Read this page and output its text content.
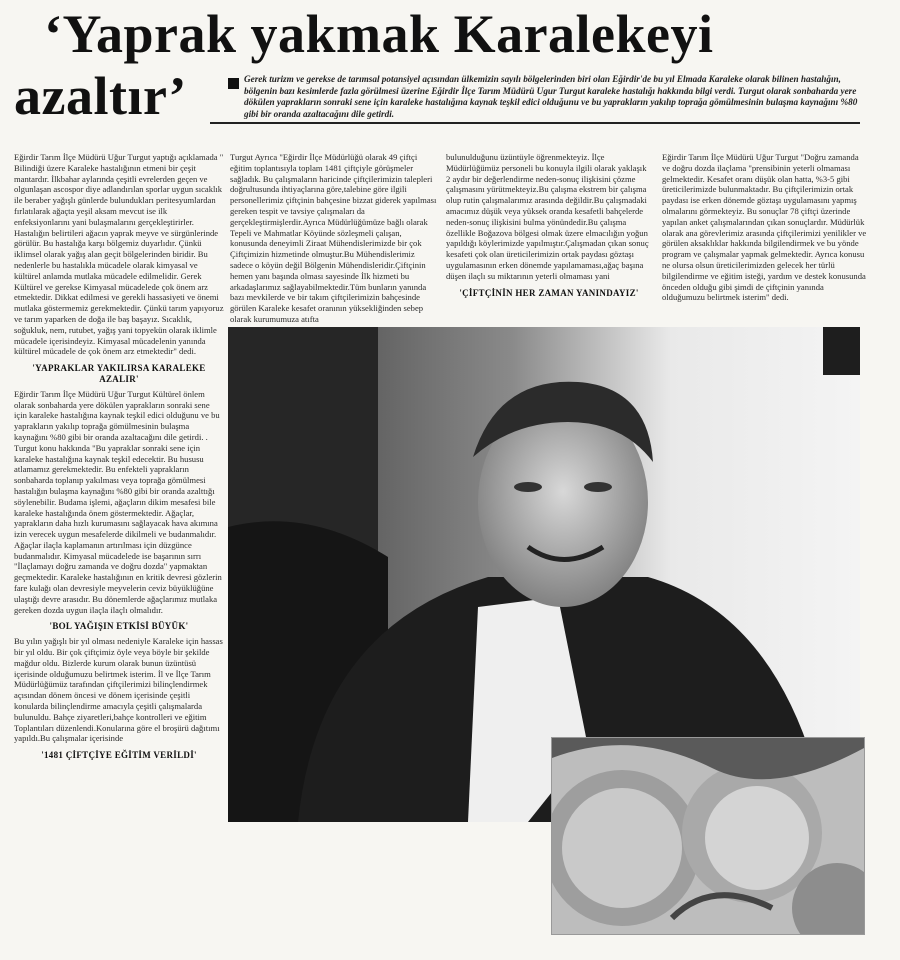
‘Yaprak yakmak Karalekeyi
azaltır’	Gerek turizm ve gerekse de tarımsal potansiyel açısından ülkemizin sayılı bölgelerinden biri olan Eğirdir'de bu yıl Elmada Karaleke olarak bilinen hastalığın, bölgenin bazı kesimlerde fazla görülmesi üzerine Eğirdir İlçe Tarım Müdürü Ugur Turgut karaleke hastalığı hakkında bilgi verdi. Turgut olarak sonbaharda yere dökülen yaprakların sonraki sene için karaleke hastalığına kaynak teşkil edici olduğunu ve bu yaprakların yakılıp toprağa gömülmesinin bulaşma kaynağını %80 gibi bir oranda azaltacağını dile getirdi.

Eğirdir Tarım İlçe Müdürü Uğur Turgut yaptığı açıklamada " Bilindiği üzere Karaleke hastalığının etmeni bir çeşit mantardır. İlkbahar aylarında çeşitli evrelerden geçen ve olgunlaşan ascospor diye adlandırılan sporlar uygun sıcaklık ile beraber yağışlı günlerde bulundukları peritesyumlardan fırlatılarak ağaçta yeşil aksam mevcut ise ilk enfeksiyonlarını yani bulaşmalarını gerçekleştirirler. Hastalığın belirtileri ağacın yaprak meyve ve sürgünlerinde görülür. Bu hastalığa karşı bölgemiz duyarlıdır. Çünkü iklimsel olarak yağış alan geçit bölgelerinden biridir. Bu nedenlerle bu hastalıkla mücadele olarak kimyasal ve kültürel anlamda mutlaka mücadele edilmelidir. Gerek Kültürel ve gerekse Kimyasal mücadelede çok önem arz etmektedir. Dikkat edilmesi ve gerekli hassasiyeti ve önemi mutlaka göstermemiz gerekmektedir. Çünkü tarım yapıyoruz ve tarım yaparken de doğa ile baş başayız. Sıcaklık, soğukluk, nem, rutubet, yağış yani topyekün olarak iklimle mücadele içerisindeyiz. Kimyasal mücadelenin yanında kültürel mücadele de çok önem arz etmektedir" dedi.

'YAPRAKLAR YAKILIRSA KARALEKE AZALIR'

Eğirdir Tarım İlçe Müdürü Uğur Turgut Kültürel önlem olarak sonbaharda yere dökülen yaprakların sonraki sene için karaleke hastalığına kaynak teşkil edici olduğunu ve bu yaprakların yakılıp toprağa gömülmesinin bulaşma kaynağını %80 gibi bir oranda azaltacağını dile getirdi. . Turgut konu hakkında "Bu yapraklar sonraki sene için karaleke hastalığına kaynak teşkil edecektir. Bu hususu atlamamız gerekmektedir. Bu enfekteli yaprakların sonbaharda toplanıp yakılması veya toprağa gömülmesi hastalığın bulaşma kaynağını %80 gibi bir oranda azalttığı söylenebilir. Budama işlemi, ağaçların dikim mesafesi bile karaleke hastalığında önem göstermektedir. Ağaçlar, yaprakların daha hızlı kurumasını sağlayacak hava akımına izin verecek uygun mesafelerde dikilmeli ve budanmalıdır. Ağaçlar ilaçla kaplamanın artırılması için düzgünce budanmalıdır. Kimyasal mücadelede ise başarının sırrı "İlaçlamayı doğru zamanda ve doğru dozda" yapmaktan geçmektedir. Karaleke hastalığının en kritik devresi gözlerin fare kulağı olan devresiyle meyvelerin ceviz büyüklüğüne ulaştığı devre arasıdır. Bu dönemlerde ağaçlarımız mutlaka gereken dozda uygun ilaçla ilaçlı olmalıdır.

'BOL YAĞIŞIN ETKİSİ BÜYÜK'

Bu yılın yağışlı bir yıl olması nedeniyle Karaleke için hassas bir yıl oldu. Bir çok çiftçimiz öyle veya böyle bir şekilde mağdur oldu. Bizlerde kurum olarak bunun üzüntüsü içerisinde olduğumuzu belirtmek isterim. İl ve İlçe Tarım Müdürlüğümüz tarafından çiftçilerimizi bilinçlendirmek açısından dönem öncesi ve dönem içerisinde çeşitli konularda bilinçlendirme amacıyla çeşitli çalışmalarda bulunuldu. Bahçe ziyaretleri,bahçe kontrolleri ve eğitim Toplantıları düzenlendi.Konularına göre el broşürü dağıtımı yapıldı.Bu çalışmalar içerisinde

'1481 ÇİFTÇİYE EĞİTİM VERİLDİ'

Turgut Ayrıca "Eğirdir İlçe Müdürlüğü olarak 49 çiftçi eğitim toplantısıyla toplam 1481 çiftçiyle görüşmeler sağladık. Bu çalışmaların haricinde çiftçilerimizin talepleri doğrultusunda ihtiyaçlarına göre,talebine göre ilgili personellerimiz çiftçinin bahçesine bizzat giderek yapılması gereken tespit ve tavsiye çalışmaları da gerçekleştirmişlerdir.Ayrıca Müdürlüğümüze bağlı olarak Tepeli ve Mahmatlar Köyünde sözleşmeli çalışan, konusunda deneyimli Ziraat Mühendislerimizde bir çok Çiftçimizin hizmetinde olmuştur.Bu Mühendislerimiz sadece o köyün değil Bölgenin Mühendisleridir.Çiftçinin hemen yanı başında olması sayesinde İlk hizmeti bu arkadaşlarımız sağlayabilmektedir.Tüm bunların yanında bazı mevkilerde ve bir takım çiftçilerimizin bahçesinde görülen Karaleke kesafet oranının yüksekliğinden sebep olarak kurumumuza atıfta

bulunulduğunu üzüntüyle öğrenmekteyiz. İlçe Müdürlüğümüz personeli bu konuyla ilgili olarak yaklaşık 2 aydır bir değerlendirme neden-sonuç ilişkisini çözme çalışmasını yürütmekteyiz.Bu çalışma ekstrem bir çalışma olup rutin çalışmalarımız arasında değildir.Bu çalışmadaki amacımız düşük veya yüksek oranda kesafetli bahçelerde neden-sonuç ilişkisini bulma yönündedir.Bu çalışma özellikle Boğazova bölgesi olmak üzere elmacılığın yoğun yapıldığı köylerimizde yapılmıştır.Çalışmadan çıkan sonuç kesafeti çok olan üreticilerimizin ortak paydası göztaşı uygulamasının erken dönemde yapılamaması,ağaç başına düşen ilaçlı su miktarının yeterli olmaması yani

'ÇİFTÇİNİN HER ZAMAN YANINDAYIZ'

Eğirdir Tarım İlçe Müdürü Uğur Turgut "Doğru zamanda ve doğru dozda ilaçlama "prensibinin yeterli olmaması gelmektedir. Kesafet oranı düşük olan hatta, %3-5 gibi üreticilerimizde bulunmaktadır. Bu çiftçilerimizin ortak paydası ise erken dönemde göztaşı uygulamasını yapmış olmalarını görmekteyiz. Bu sonuçlar 78 çiftçi üzerinde yapılan anket çalışmalarından çıkan sonuçlardır. Müdürlük olarak ana görevlerimiz arasında çiftçilerimizi yenilikler ve görülen aksaklıklar hakkında bilgilendirmek ve bu yönde program ve çalışmalar yapmak gelmektedir. Ayrıca konusu ne olursa olsun üreticilerimizden gelecek her türlü bilgilendirme ve eğitim isteği, yardım ve destek konusunda önceden olduğu gibi şimdi de çiftçinin yanında olduğumuzu belirtmek isterim" dedi.
